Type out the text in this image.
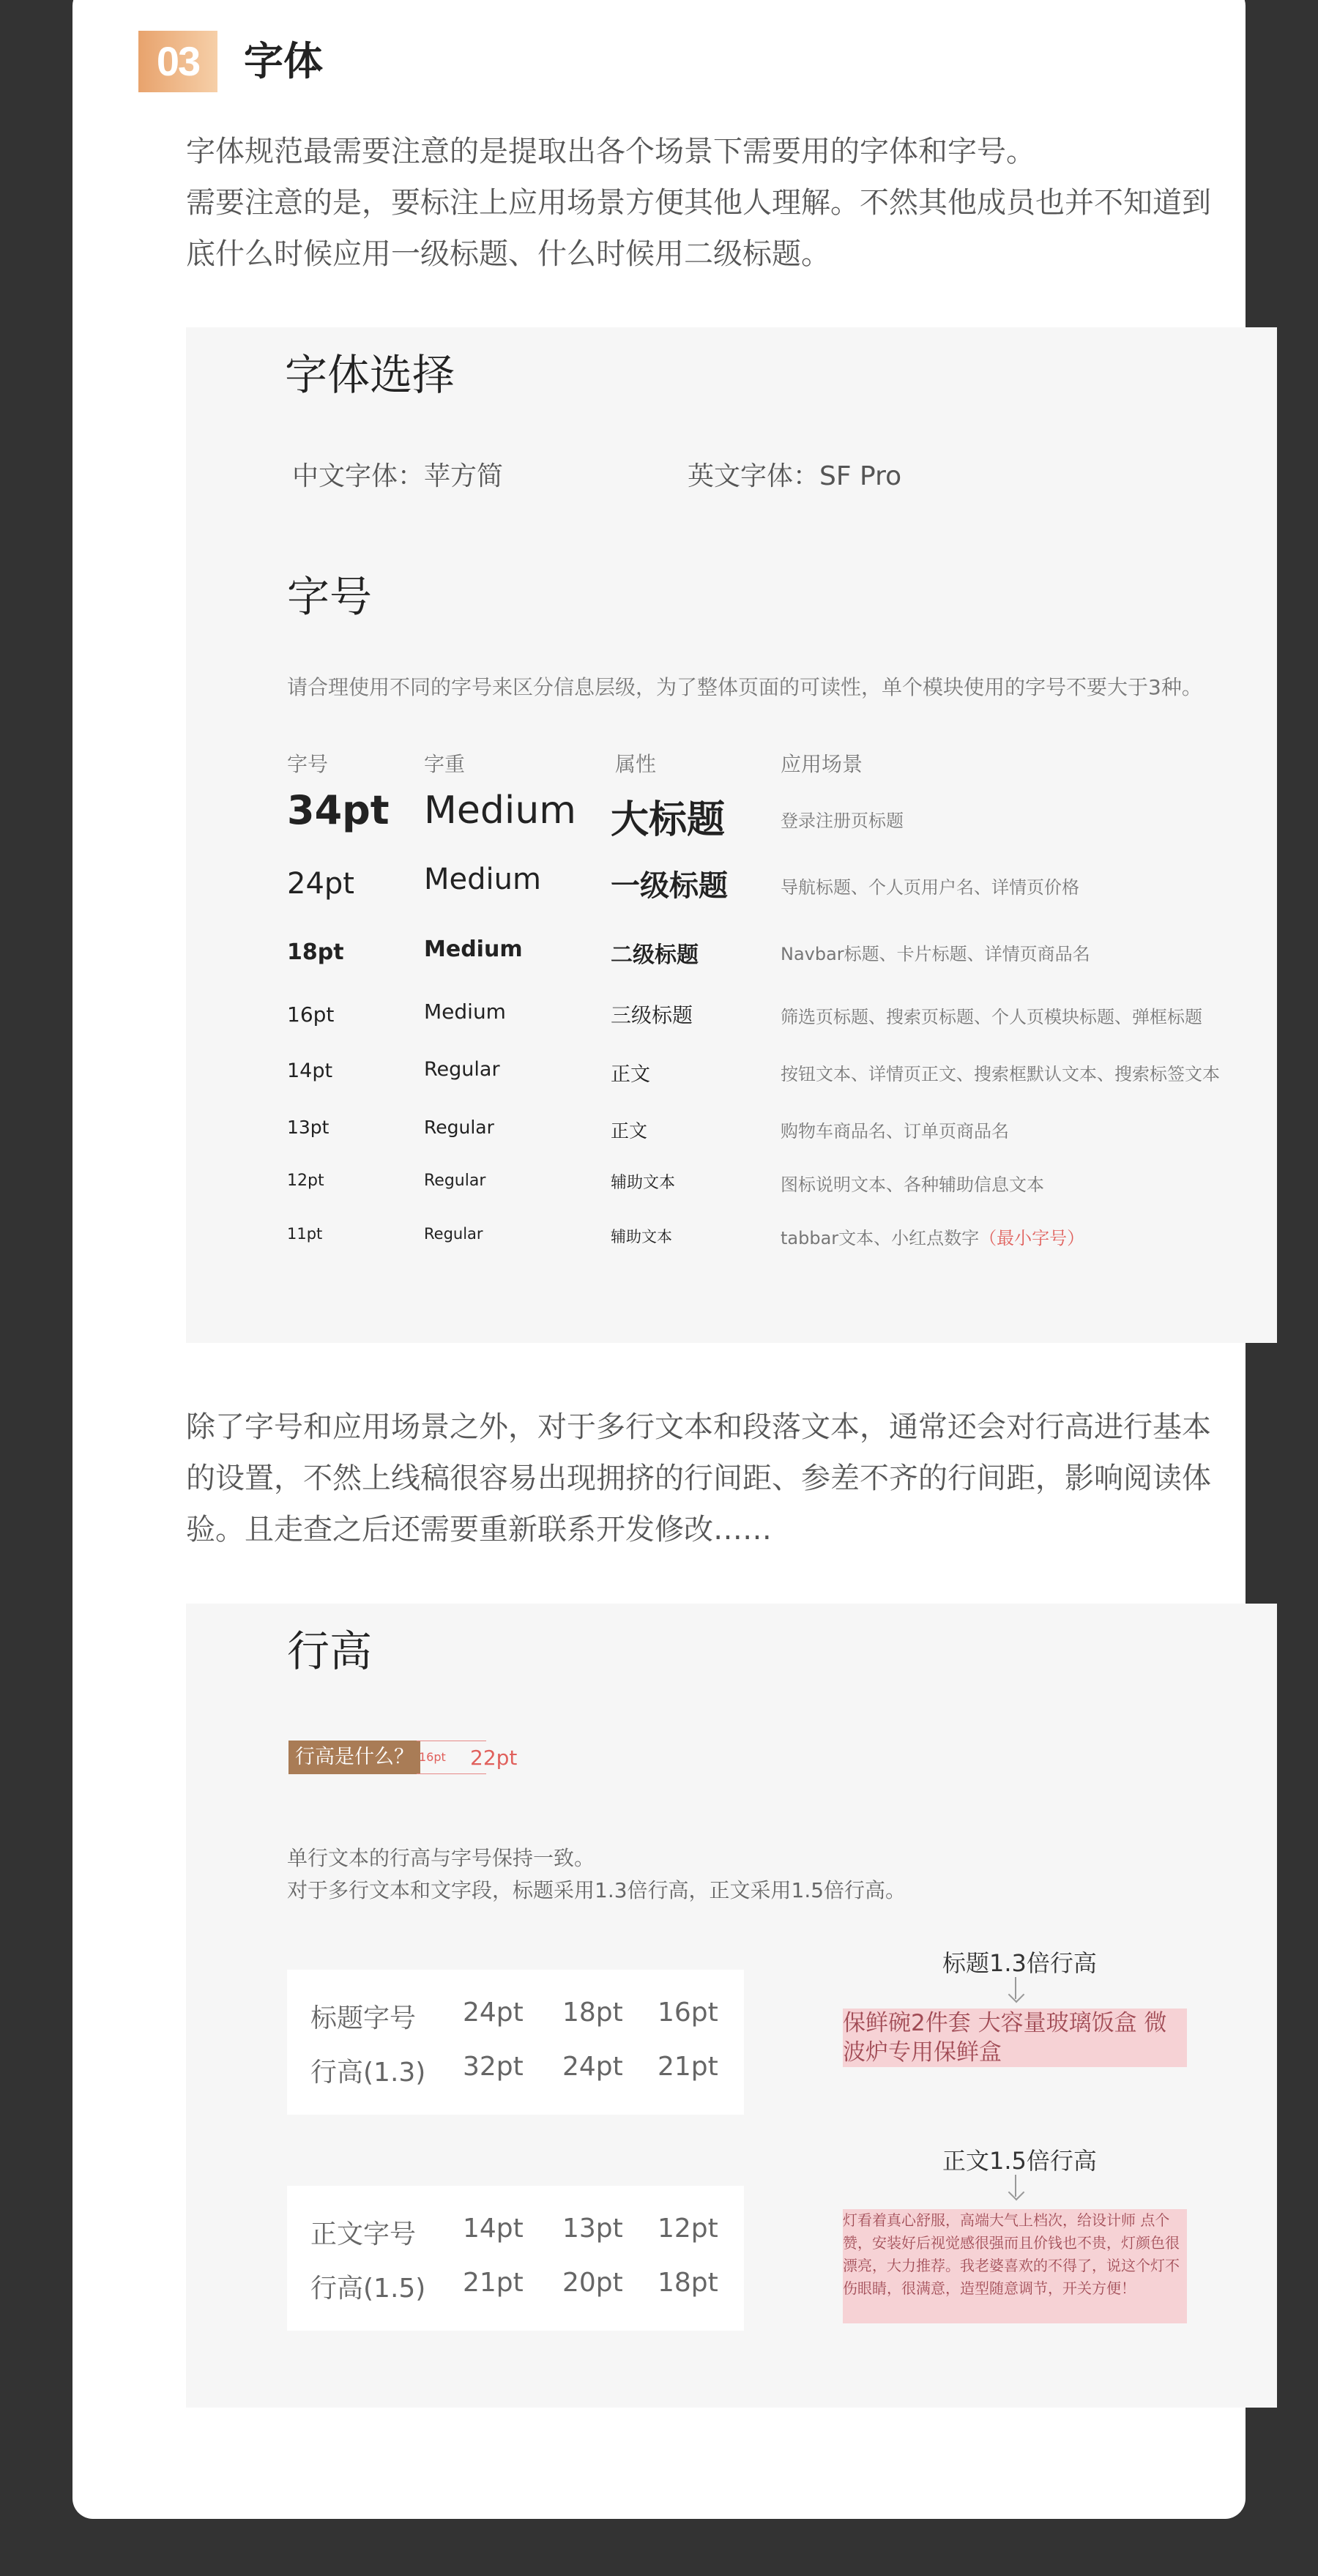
03	字体
字体规范最需要注意的是提取出各个场景下需要用的字体和字号。
需要注意的是，要标注上应用场景方便其他人理解。不然其他成员也并不知道到
底什么时候应用一级标题、什么时候用二级标题。
字体选择
中文字体：苹方简	英文字体：SF Pro
字号
请合理使用不同的字号来区分信息层级，为了整体页面的可读性，单个模块使用的字号不要大于3种。
字号	字重	属性	应用场景
34pt Medium 大标题	登录注册页标题
24pt Medium 一级标题	导航标题、个人页用户名、详情页价格
18pt	Medium	二级标题	Navbar标题、卡片标题、详情页商品名
16pt	Medium	三级标题	筛选页标题、搜索页标题、个人页模块标题、弹框标题
14pt	Regular	正文	按钮文本、详情页正文、搜索框默认文本、搜索标签文本
13pt	Regular	正文	购物车商品名、订单页商品名
12pt	Regular	辅助文本	图标说明文本、各种辅助信息文本
11pt	Regular	辅助文本	tabbar文本、小红点数字（最小字号）
除了字号和应用场景之外，对于多行文本和段落文本，通常还会对行高进行基本
的设置，不然上线稿很容易出现拥挤的行间距、参差不齐的行间距，影响阅读体
验。且走查之后还需要重新联系开发修改……
行高
行高是什么？ 16pt 22pt
单行文本的行高与字号保持一致。
对于多行文本和文字段，标题采用1.3倍行高，正文采用1.5倍行高。
标题字号 24pt 18pt 16pt
行高(1.3) 32pt 24pt 21pt
正文字号 14pt 13pt 12pt
行高(1.5) 21pt 20pt 18pt
标题1.3倍行高
保鲜碗2件套 大容量玻璃饭盒 微波炉专用保鲜盒
正文1.5倍行高
灯看着真心舒服，高端大气上档次，给设计师 点个赞，安装好后视觉感很强而且价钱也不贵，灯颜色很漂亮，大力推荐。我老婆喜欢的不得了，说这个灯不伤眼睛，很满意，造型随意调节，开关方便！
